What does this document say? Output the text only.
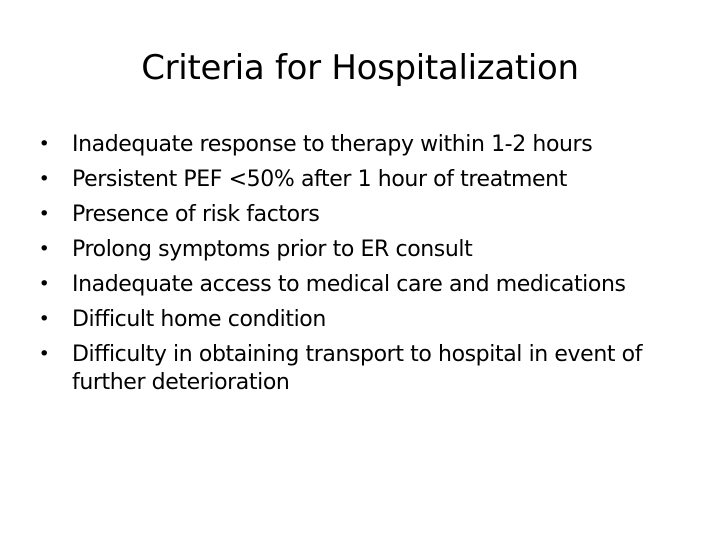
Criteria for Hospitalization
• Inadequate response to therapy within 1-2 hours
• Persistent PEF <50% after 1 hour of treatment
• Presence of risk factors
• Prolong symptoms prior to ER consult
• Inadequate access to medical care and medications
• Difficult home condition
• Difficulty in obtaining transport to hospital in event of further deterioration
